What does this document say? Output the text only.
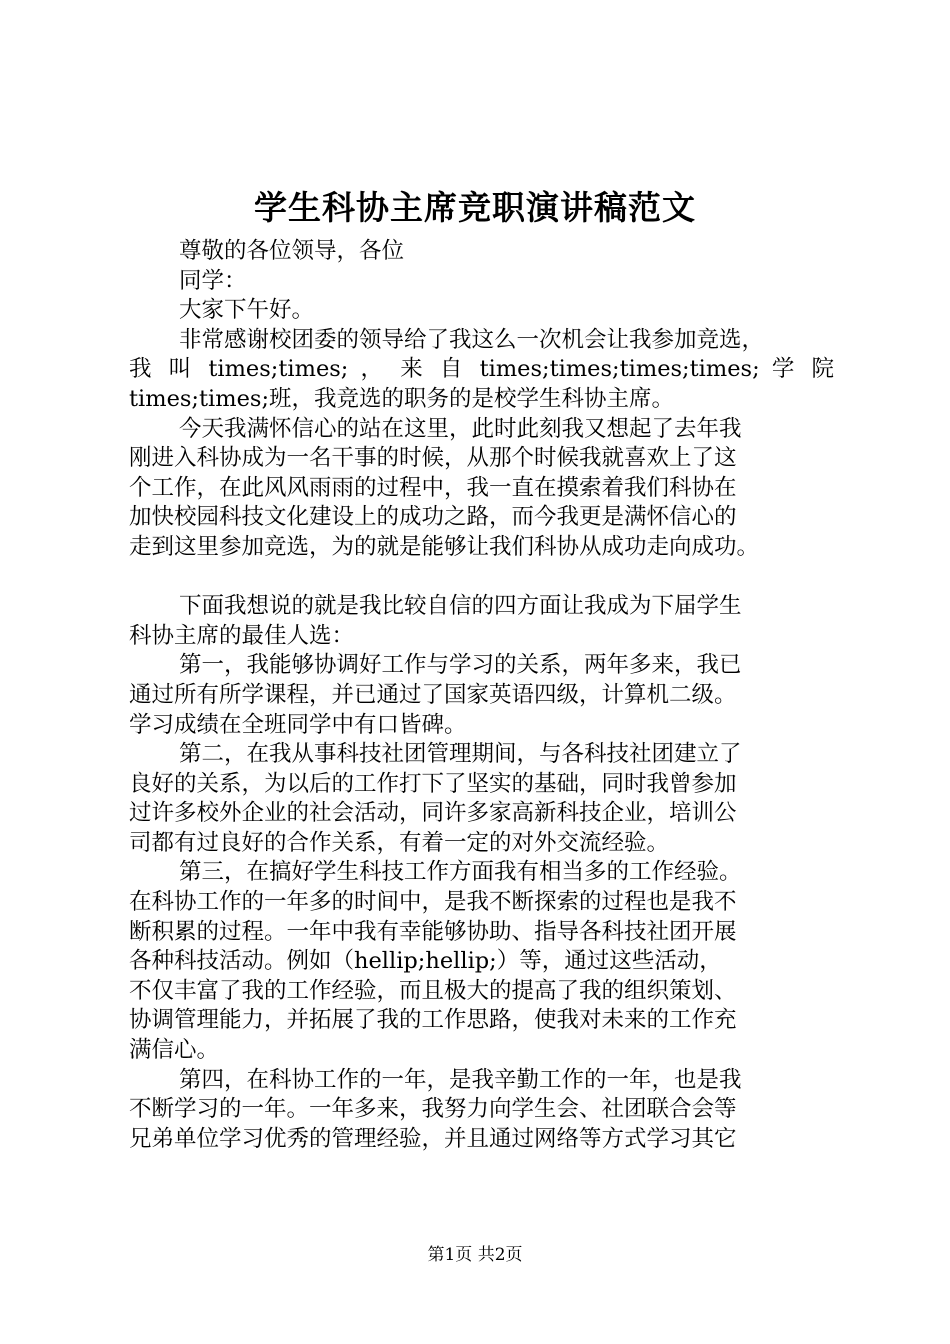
学生科协主席竞职演讲稿范文
尊敬的各位领导，各位
同学：
大家下午好。
非常感谢校团委的领导给了我这么一次机会让我参加竞选，
我 叫 times;times; ， 来 自 times;times;times;times; 学 院
times;times;班，我竞选的职务的是校学生科协主席。
今天我满怀信心的站在这里，此时此刻我又想起了去年我
刚进入科协成为一名干事的时候，从那个时候我就喜欢上了这
个工作，在此风风雨雨的过程中，我一直在摸索着我们科协在
加快校园科技文化建设上的成功之路，而今我更是满怀信心的
走到这里参加竞选，为的就是能够让我们科协从成功走向成功。
下面我想说的就是我比较自信的四方面让我成为下届学生
科协主席的最佳人选：
第一，我能够协调好工作与学习的关系，两年多来，我已
通过所有所学课程，并已通过了国家英语四级，计算机二级。
学习成绩在全班同学中有口皆碑。
第二，在我从事科技社团管理期间，与各科技社团建立了
良好的关系，为以后的工作打下了坚实的基础，同时我曾参加
过许多校外企业的社会活动，同许多家高新科技企业，培训公
司都有过良好的合作关系，有着一定的对外交流经验。
第三，在搞好学生科技工作方面我有相当多的工作经验。
在科协工作的一年多的时间中，是我不断探索的过程也是我不
断积累的过程。一年中我有幸能够协助、指导各科技社团开展
各种科技活动。例如（hellip;hellip;）等，通过这些活动，
不仅丰富了我的工作经验，而且极大的提高了我的组织策划、
协调管理能力，并拓展了我的工作思路，使我对未来的工作充
满信心。
第四，在科协工作的一年，是我辛勤工作的一年，也是我
不断学习的一年。一年多来，我努力向学生会、社团联合会等
兄弟单位学习优秀的管理经验，并且通过网络等方式学习其它
第1页 共2页
